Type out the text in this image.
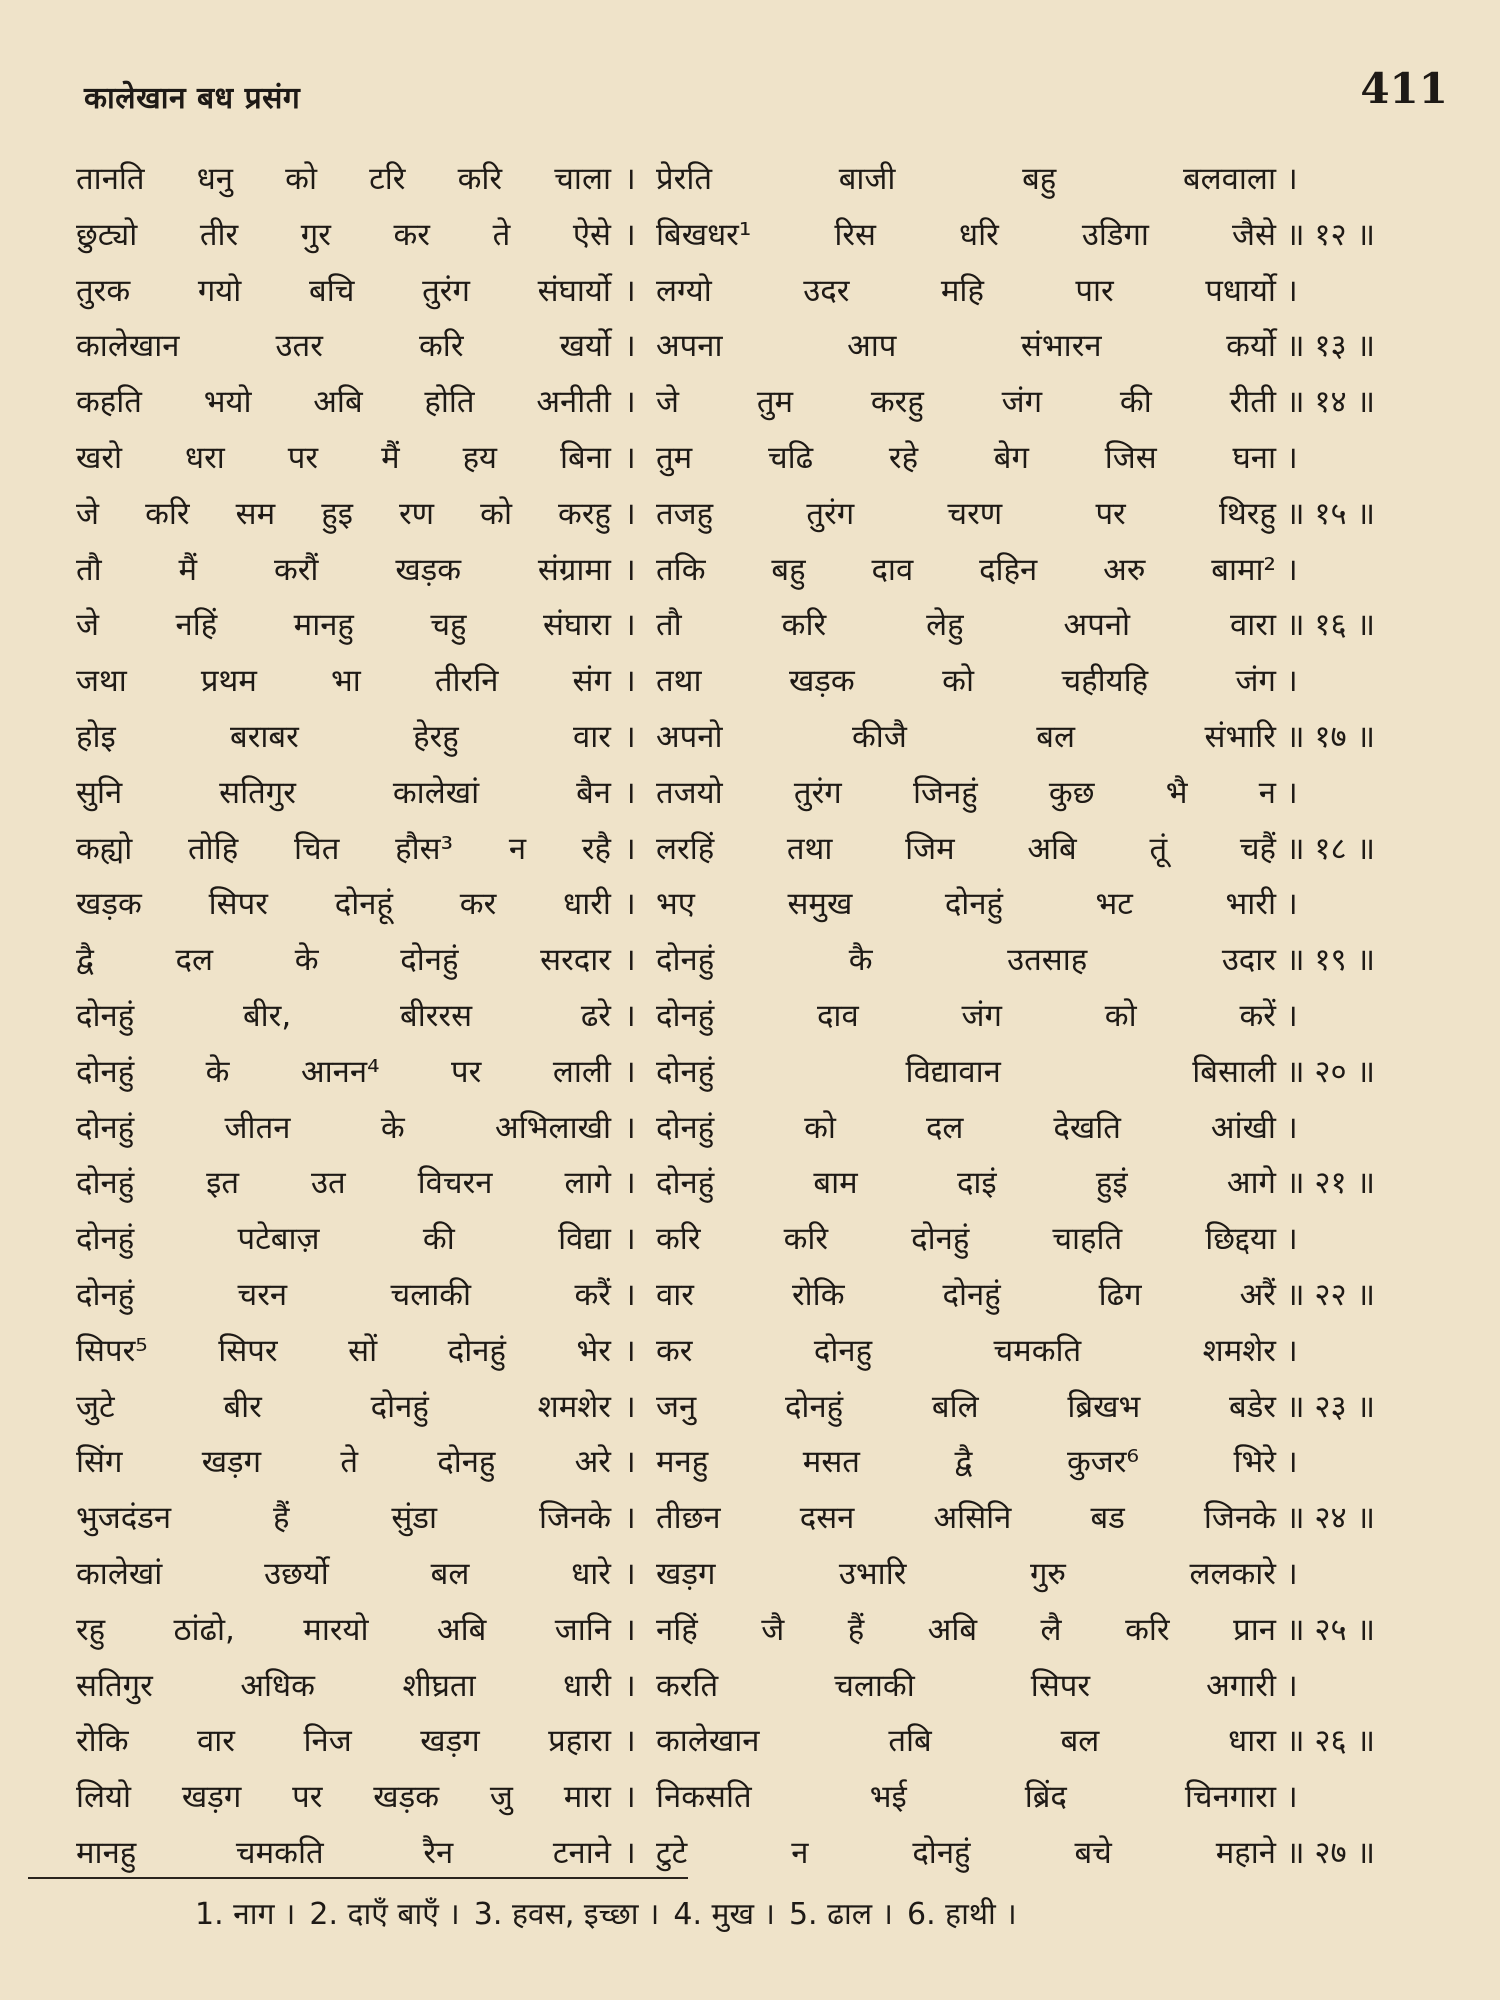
कालेखान बध प्रसंग	411
तानति धनु को टरि करि चाला । प्रेरति	बाजी	बहु	बलवाला ।
छुट्यो तीर गुर कर ते ऐसे । बिखधर¹	रिस	धरि	उडिगा	जैसे ॥ १२ ॥
तुरक गयो बचि तुरंग संघार्यो । लग्यो	उदर	महि	पार	पधार्यो ।
कालेखान	उतर	करि	खर्यो । अपना	आप	संभारन	कर्यो ॥ १३ ॥
कहति भयो अबि होति अनीती । जे	तुम	करहु	जंग	की	रीती ॥ १४ ॥
खरो धरा पर मैं हय बिना । तुम चढि रहे बेग जिस घना ।
जे करि सम हुइ रण को करहु । तजहु	तुरंग	चरण	पर	थिरहु ॥ १५ ॥
तौ मैं करौं खड़क संग्रामा । तकि बहु दाव दहिन अरु बामा² ।
जे नहिं मानहु चहु संघारा । तौ	करि	लेहु	अपनो	वारा ॥ १६ ॥
जथा प्रथम भा तीरनि संग । तथा	खड़क	को	चहीयहि	जंग ।
होइ	बराबर	हेरहु	वार । अपनो	कीजै	बल	संभारि ॥ १७ ॥
सुनि	सतिगुर	कालेखां	बैन । तजयो तुरंग जिनहुं कुछ भै न ।
कह्यो तोहि चित हौस³ न रहै । लरहिं तथा जिम अबि तूं चहैं ॥ १८ ॥
खड़क सिपर दोनहूं कर धारी । भए	समुख	दोनहुं	भट	भारी ।
द्वै	दल	के	दोनहुं	सरदार । दोनहुं	कै	उतसाह	उदार ॥ १९ ॥
दोनहुं	बीर,	बीररस	ढरे । दोनहुं	दाव	जंग	को	करें ।
दोनहुं के आनन⁴ पर लाली । दोनहुं	विद्यावान	बिसाली ॥ २० ॥
दोनहुं	जीतन	के	अभिलाखी । दोनहुं	को	दल	देखति	आंखी ।
दोनहुं इत उत विचरन लागे । दोनहुं	बाम	दाइं	हुइं	आगे ॥ २१ ॥
दोनहुं	पटेबाज़	की	विद्या । करि	करि	दोनहुं	चाहति	छिद्दया ।
दोनहुं	चरन	चलाकी	करैं । वार	रोकि	दोनहुं	ढिग	अरैं ॥ २२ ॥
सिपर⁵ सिपर सों दोनहुं भेर । कर	दोनहु	चमकति	शमशेर ।
जुटे	बीर	दोनहुं	शमशेर । जनु	दोनहुं	बलि	ब्रिखभ	बडेर ॥ २३ ॥
सिंग	खड़ग	ते	दोनहु	अरे । मनहु	मसत	द्वै	कुजर⁶	भिरे ।
भुजदंडन	हैं	सुंडा	जिनके । तीछन	दसन	असिनि	बड	जिनके ॥ २४ ॥
कालेखां	उछर्यो	बल	धारे । खड़ग	उभारि	गुरु	ललकारे ।
रहु ठांढो, मारयो अबि जानि । नहिं जै हैं अबि लै करि प्रान ॥ २५ ॥
सतिगुर	अधिक	शीघ्रता	धारी । करति	चलाकी	सिपर	अगारी ।
रोकि वार निज खड़ग प्रहारा । कालेखान	तबि	बल	धारा ॥ २६ ॥
लियो खड़ग पर खड़क जु मारा । निकसति	भई	ब्रिंद	चिनगारा ।
मानहु	चमकति	रैन	टनाने । टुटे	न	दोनहुं	बचे	महाने ॥ २७ ॥
1. नाग । 2. दाएँ बाएँ । 3. हवस, इच्छा । 4. मुख । 5. ढाल । 6. हाथी ।
